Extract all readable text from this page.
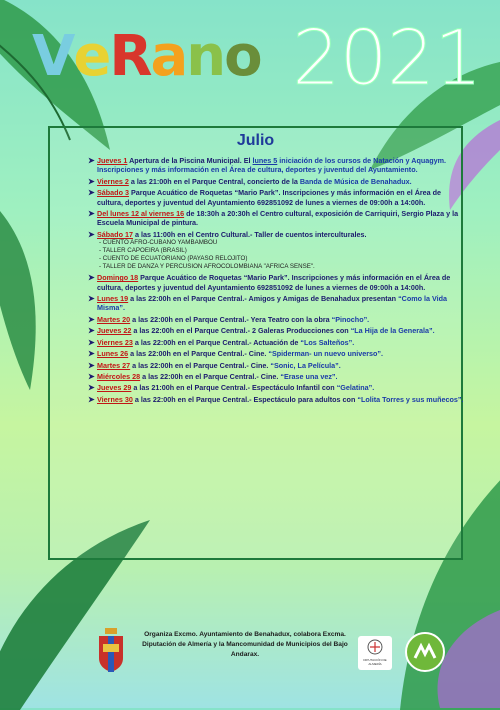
VeRano 2021
Julio
➤ Jueves 1 Apertura de la Piscina Municipal. El lunes 5 iniciación de los cursos de Natación y Aquagym. Inscripciones y más información en el Área de cultura, deportes y juventud del Ayuntamiento.
➤ Viernes 2 a las 21:00h en el Parque Central, concierto de la Banda de Música de Benahadux.
➤ Sábado 3 Parque Acuático de Roquetas “Mario Park”. Inscripciones y más información en el Área de cultura, deportes y juventud del Ayuntamiento 692851092 de lunes a viernes de 09:00h a 14:00h.
➤ Del lunes 12 al viernes 16 de 18:30h a 20:30h el Centro cultural, exposición de Carriquiri, Sergio Plaza y la Escuela Municipal de pintura.
➤ Sábado 17 a las 11:00h en el Centro Cultural.- Taller de cuentos interculturales.
- CUENTO AFRO-CUBANO YAMBAMBOU
- TALLER CAPOEIRA (BRASIL)
- CUENTO DE ECUATORIANO (PAYASO RELOJITO)
- TALLER DE DANZA Y PERCUSION AFROCOLOMBIANA "AFRICA SENSE".
➤ Domingo 18 Parque Acuático de Roquetas “Mario Park”. Inscripciones y más información en el Área de cultura, deportes y juventud del Ayuntamiento 692851092 de lunes a viernes de 09:00h a 14:00h.
➤ Lunes 19 a las 22:00h en el Parque Central.- Amigos y Amigas de Benahadux presentan “Como la Vida Misma”.
➤ Martes 20 a las 22:00h en el Parque Central.- Yera Teatro con la obra “Pinocho”.
➤ Jueves 22 a las 22:00h en el Parque Central.- 2 Galeras Producciones con “La Hija de la Generala”.
➤ Viernes 23 a las 22:00h en el Parque Central.- Actuación de “Los Salteños”.
➤ Lunes 26 a las 22:00h en el Parque Central.- Cine. “Spiderman- un nuevo universo”.
➤ Martes 27 a las 22:00h en el Parque Central.- Cine. “Sonic, La Película”.
➤ Miércoles 28 a las 22:00h en el Parque Central.- Cine. “Erase una vez”.
➤ Jueves 29 a las 21:00h en el Parque Central.- Espectáculo Infantil con “Gelatina”.
➤ Viernes 30 a las 22:00h en el Parque Central.- Espectáculo para adultos con “Lolita Torres y sus muñecos”.
Organiza Excmo. Ayuntamiento de Benahadux, colabora Excma. Diputación de Almería y la Mancomunidad de Municipios del Bajo Andarax.
DIPUTACIÓN DE ALMERÍA
